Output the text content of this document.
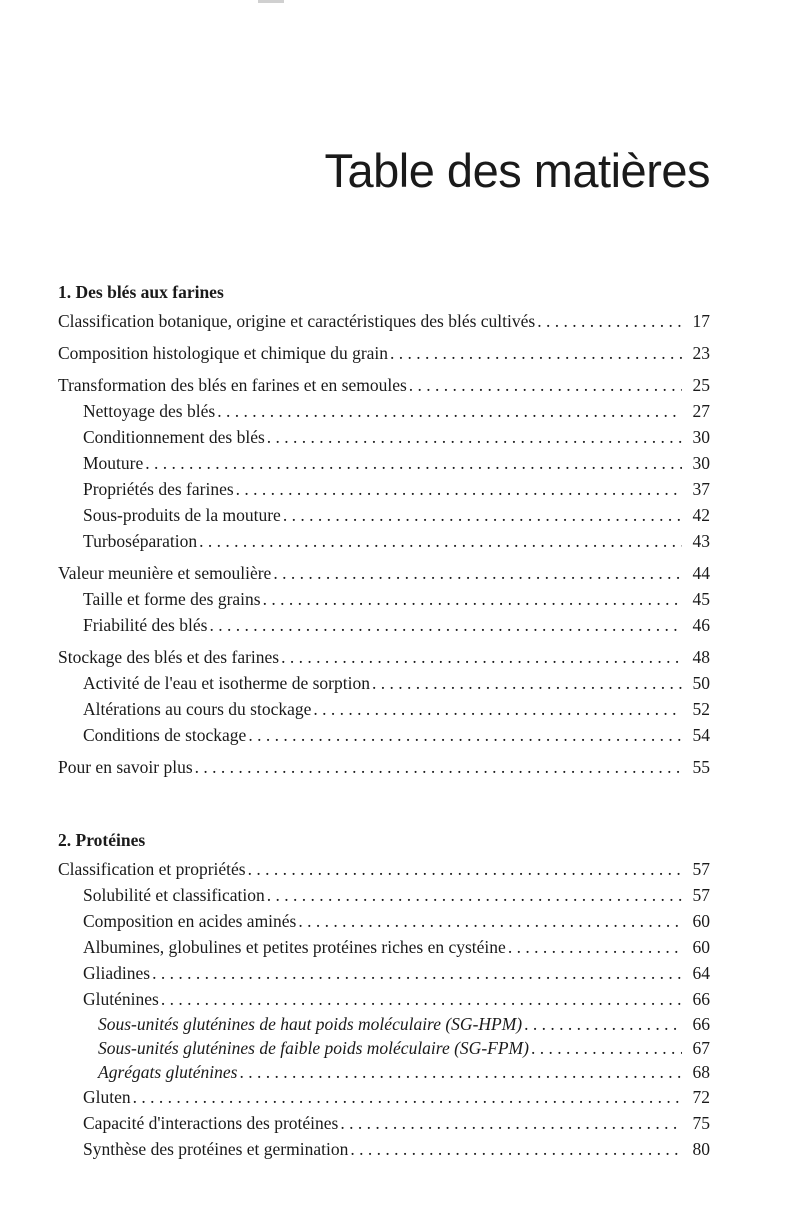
Table des matières
1. Des blés aux farines
Classification botanique, origine et caractéristiques des blés cultivés . . .	17
Composition histologique et chimique du grain . . .	23
Transformation des blés en farines et en semoules . . .	25
Nettoyage des blés . . .	27
Conditionnement des blés . . .	30
Mouture . . .	30
Propriétés des farines . . .	37
Sous-produits de la mouture . . .	42
Turboséparation . . .	43
Valeur meunière et semoulière . . .	44
Taille et forme des grains . . .	45
Friabilité des blés . . .	46
Stockage des blés et des farines . . .	48
Activité de l'eau et isotherme de sorption . . .	50
Altérations au cours du stockage . . .	52
Conditions de stockage . . .	54
Pour en savoir plus . . .	55
2. Protéines
Classification et propriétés . . .	57
Solubilité et classification . . .	57
Composition en acides aminés . . .	60
Albumines, globulines et petites protéines riches en cystéine . . .	60
Gliadines . . .	64
Gluténines . . .	66
Sous-unités gluténines de haut poids moléculaire (SG-HPM) . . .	66
Sous-unités gluténines de faible poids moléculaire (SG-FPM) . . .	67
Agrégats gluténines . . .	68
Gluten . . .	72
Capacité d'interactions des protéines . . .	75
Synthèse des protéines et germination . . .	80
